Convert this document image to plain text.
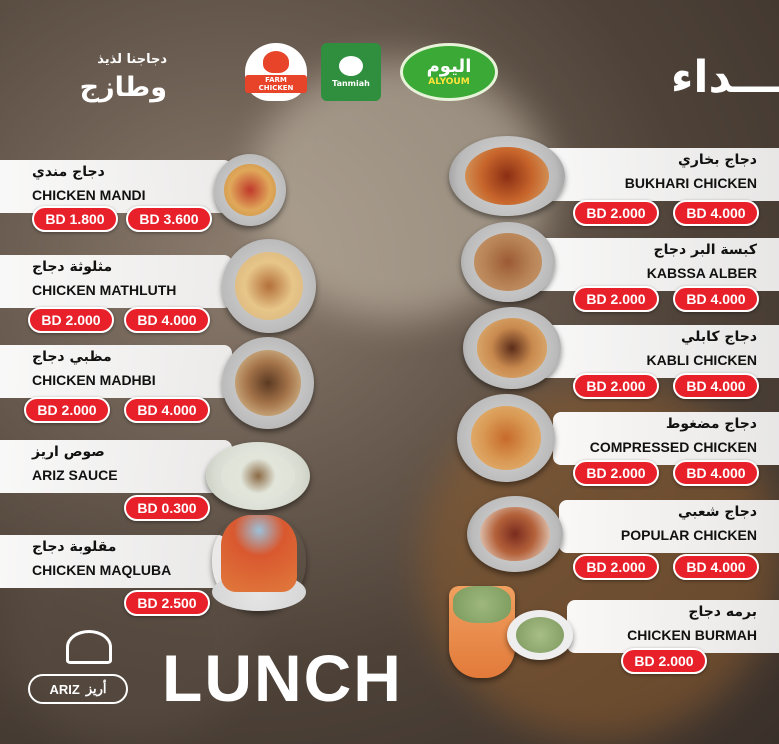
دجاجنا لذيذ
وطازج	FARM CHICKEN	Tanmiah
اليوم
ALYOUM	ـــداء
دجاج مندي
CHICKEN MANDI
BD 1.800	BD 3.600
مثلوثة دجاج
CHICKEN MATHLUTH
BD 2.000	BD 4.000
مظبي دجاج
CHICKEN MADHBI
BD 2.000	BD 4.000
صوص اريز
ARIZ SAUCE
BD 0.300
مقلوبة دجاج
CHICKEN MAQLUBA
BD 2.500
دجاج بخاري
BUKHARI CHICKEN
BD 2.000	BD 4.000
كبسة البر دجاج
KABSSA ALBER
BD 2.000	BD 4.000
دجاج كابلي
KABLI CHICKEN
BD 2.000	BD 4.000
دجاج مضغوط
COMPRESSED CHICKEN
BD 2.000	BD 4.000
دجاج شعبي
POPULAR CHICKEN
BD 2.000	BD 4.000
برمه دجاج
CHICKEN BURMAH
BD 2.000
ARIZ أريز LUNCH
